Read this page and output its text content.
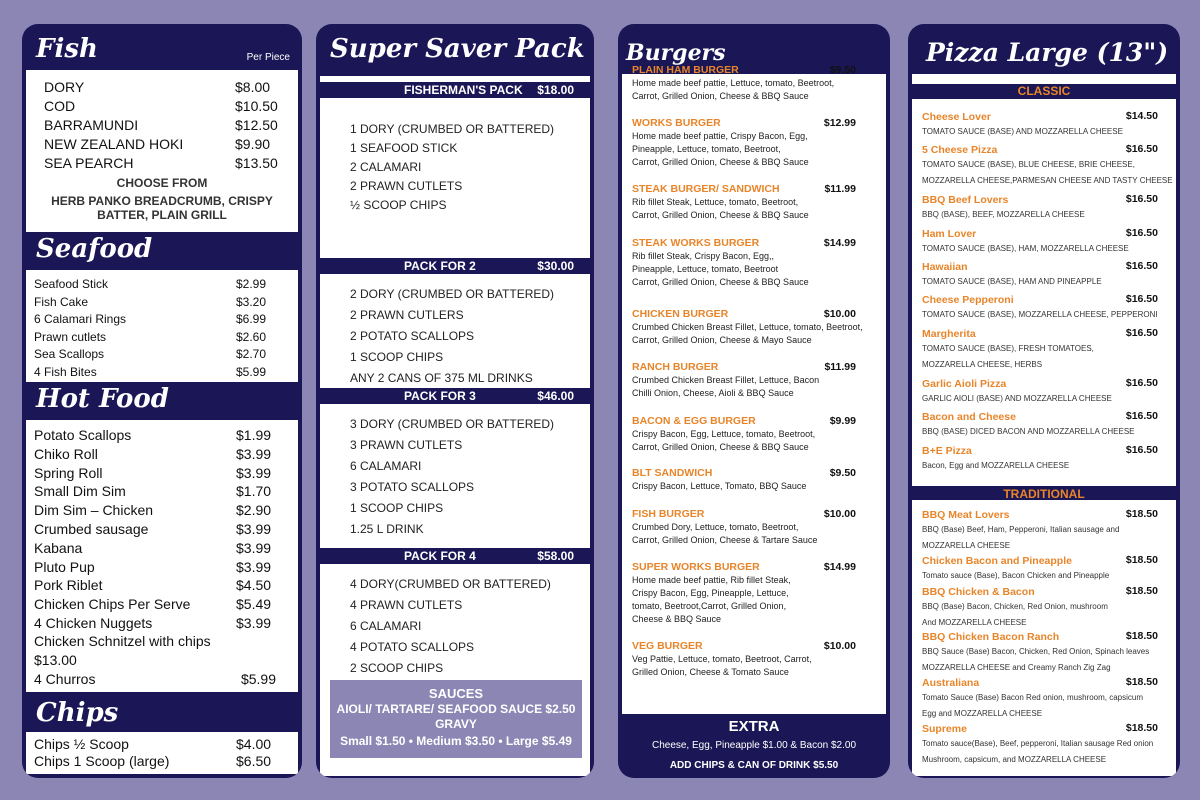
Fish	Per Piece
DORY	$8.00
COD	$10.50
BARRAMUNDI	$12.50
NEW ZEALAND HOKI	$9.90
SEA PEARCH	$13.50
CHOOSE FROM
HERB PANKO BREADCRUMB, CRISPY BATTER, PLAIN GRILL
Seafood
Seafood Stick	$2.99
Fish Cake	$3.20
6 Calamari Rings	$6.99
Prawn cutlets	$2.60
Sea Scallops	$2.70
4 Fish Bites	$5.99
Hot Food
Potato Scallops	$1.99
Chiko Roll	$3.99
Spring Roll	$3.99
Small Dim Sim	$1.70
Dim Sim – Chicken	$2.90
Crumbed sausage	$3.99
Kabana	$3.99
Pluto Pup	$3.99
Pork Riblet	$4.50
Chicken Chips Per Serve	$5.49
4 Chicken Nuggets	$3.99
Chicken Schnitzel with chips
$13.00
4 Churros	$5.99
Chips
Chips ½ Scoop	$4.00
Chips 1 Scoop (large)	$6.50
Super Saver Pack
FISHERMAN'S PACK $18.00
1 DORY (CRUMBED OR BATTERED)
1 SEAFOOD STICK
2 CALAMARI
2 PRAWN CUTLETS
½ SCOOP CHIPS
PACK FOR 2	$30.00
2 DORY (CRUMBED OR BATTERED)
2 PRAWN CUTLERS
2 POTATO SCALLOPS
1 SCOOP CHIPS
ANY 2 CANS OF 375 ML DRINKS
PACK FOR 3	$46.00
3 DORY (CRUMBED OR BATTERED)
3 PRAWN CUTLETS
6 CALAMARI
3 POTATO SCALLOPS
1 SCOOP CHIPS
1.25 L DRINK
PACK FOR 4	$58.00
4 DORY(CRUMBED OR BATTERED)
4 PRAWN CUTLETS
6 CALAMARI
4 POTATO SCALLOPS
2 SCOOP CHIPS
SAUCES
AIOLI/ TARTARE/ SEAFOOD SAUCE $2.50
GRAVY
Small $1.50 • Medium $3.50 • Large $5.49
Burgers
PLAIN HAM BURGER	$9.50
Home made beef pattie, Lettuce, tomato, Beetroot,
Carrot, Grilled Onion, Cheese & BBQ Sauce
WORKS BURGER	$12.99
Home made beef pattie, Crispy Bacon, Egg,
Pineapple, Lettuce, tomato, Beetroot,
Carrot, Grilled Onion, Cheese & BBQ Sauce
STEAK BURGER/ SANDWICH	$11.99
Rib fillet Steak, Lettuce, tomato, Beetroot,
Carrot, Grilled Onion, Cheese & BBQ Sauce
STEAK WORKS BURGER	$14.99
Rib fillet Steak, Crispy Bacon, Egg,,
Pineapple, Lettuce, tomato, Beetroot
Carrot, Grilled Onion, Cheese & BBQ Sauce
CHICKEN BURGER	$10.00
Crumbed Chicken Breast Fillet, Lettuce, tomato, Beetroot,
Carrot, Grilled Onion, Cheese & Mayo Sauce
RANCH BURGER	$11.99
Crumbed Chicken Breast Fillet, Lettuce, Bacon
Chilli Onion, Cheese, Aioli & BBQ Sauce
BACON & EGG BURGER	$9.99
Crispy Bacon, Egg, Lettuce, tomato, Beetroot,
Carrot, Grilled Onion, Cheese & BBQ Sauce
BLT SANDWICH	$9.50
Crispy Bacon, Lettuce, Tomato, BBQ Sauce
FISH BURGER	$10.00
Crumbed Dory, Lettuce, tomato, Beetroot,
Carrot, Grilled Onion, Cheese & Tartare Sauce
SUPER WORKS BURGER	$14.99
Home made beef pattie, Rib fillet Steak,
Crispy Bacon, Egg, Pineapple, Lettuce,
tomato, Beetroot,Carrot, Grilled Onion,
Cheese & BBQ Sauce
VEG BURGER	$10.00
Veg Pattie, Lettuce, tomato, Beetroot, Carrot,
Grilled Onion, Cheese & Tomato Sauce
EXTRA
Cheese, Egg, Pineapple $1.00 & Bacon $2.00
ADD CHIPS & CAN OF DRINK $5.50
Pizza Large (13")
CLASSIC
Cheese Lover	$14.50
TOMATO SAUCE (BASE) AND MOZZARELLA CHEESE
5 Cheese Pizza	$16.50
TOMATO SAUCE (BASE), BLUE CHEESE, BRIE CHEESE,
MOZZARELLA CHEESE,PARMESAN CHEESE AND TASTY CHEESE
BBQ Beef Lovers	$16.50
BBQ (BASE), BEEF, MOZZARELLA CHEESE
Ham Lover	$16.50
TOMATO SAUCE (BASE), HAM, MOZZARELLA CHEESE
Hawaiian	$16.50
TOMATO SAUCE (BASE), HAM AND PINEAPPLE
Cheese Pepperoni	$16.50
TOMATO SAUCE (BASE), MOZZARELLA CHEESE, PEPPERONI
Margherita	$16.50
TOMATO SAUCE (BASE), FRESH TOMATOES,
MOZZARELLA CHEESE, HERBS
Garlic Aioli Pizza	$16.50
GARLIC AIOLI (BASE) AND MOZZARELLA CHEESE
Bacon and Cheese	$16.50
BBQ (BASE) DICED BACON AND MOZZARELLA CHEESE
B+E Pizza	$16.50
Bacon, Egg and MOZZARELLA CHEESE
BBQ Meat Lovers	$18.50
BBQ (Base) Beef, Ham, Pepperoni, Italian sausage and
MOZZARELLA CHEESE
Chicken Bacon and Pineapple	$18.50
Tomato sauce (Base), Bacon Chicken and Pineapple
BBQ Chicken & Bacon	$18.50
BBQ (Base) Bacon, Chicken, Red Onion, mushroom
And MOZZARELLA CHEESE
BBQ Chicken Bacon Ranch	$18.50
BBQ Sauce (Base) Bacon, Chicken, Red Onion, Spinach leaves
MOZZARELLA CHEESE and Creamy Ranch Zig Zag
Australiana	$18.50
Tomato Sauce (Base) Bacon Red onion, mushroom, capsicum
Egg and MOZZARELLA CHEESE
Supreme	$18.50
Tomato sauce(Base), Beef, pepperoni, Italian sausage Red onion
Mushroom, capsicum, and MOZZARELLA CHEESE
TRADITIONAL
